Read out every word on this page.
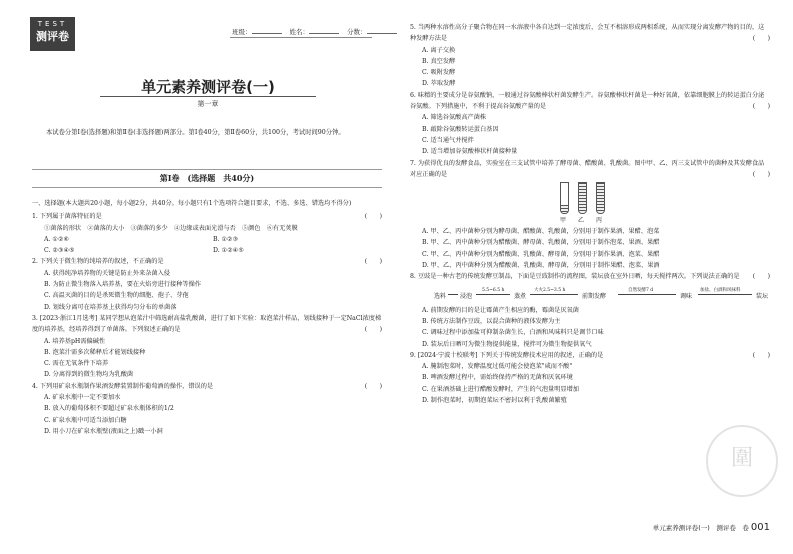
TEST
测评卷	班级：	姓名：	分数：
单元素养测评卷(一)
第一章
本试卷分第Ⅰ卷(选择题)和第Ⅱ卷(非选择题)两部分。第Ⅰ卷40分，第Ⅱ卷60分，共100分，考试时间90分钟。
第Ⅰ卷　(选择题　共40分)
一、选择题(本大题共20小题，每小题2分，共40分。每小题只有1个选项符合题目要求，不选、多选、错选均不得分)
1. 下列属于菌落特征的是	(　　)
①菌落的形状　②菌落的大小　③菌落的多少　④边缘或表面光滑与否　⑤颜色　⑥有无荚膜
A. ①②⑥	B. ①②③
C. ②③④⑤	D. ①②④⑤
2. 下列关于微生物的纯培养的叙述，不正确的是	(　　)
A. 获得纯净培养物的关键是防止外来杂菌入侵
B. 为防止微生物落入培养基，要在火焰旁进行接种等操作
C. 高温灭菌的目的是杀死微生物的细胞、孢子、芽孢
D. 划线分离可在培养基上获得均匀分布的单菌落
3. [2023·浙江1月选考] 某同学想从泡菜汁中筛选耐高盐乳酸菌，进行了如下实验：取泡菜汁样品，划线接种于一定NaCl浓度梯度的培养基，经培养得到了单菌落。下列叙述正确的是	(　　)
A. 培养基pH需偏碱性
B. 泡菜汁需多次稀释后才能划线接种
C. 需在无氧条件下培养
D. 分离得到的微生物均为乳酸菌
4. 下列用矿泉水瓶制作果酒发酵装置制作葡萄酒的操作，错误的是	(　　)
A. 矿泉水瓶中一定不要加水
B. 放入的葡萄体积不要超过矿泉水瓶体积的1/2
C. 矿泉水瓶中可适当添加白糖
D. 用小刀在矿泉水瓶壁(液面之上)戳一小洞
5. 当两种水溶性高分子聚合物在同一水溶液中各自达到一定浓度后，会互不相溶形成两相系统，从而实现分离发酵产物的目的，这种发酵方法是	(　　)
A. 离子交换
B. 真空发酵
C. 吸附发酵
D. 萃取发酵
6. 味精的主要成分是谷氨酸钠，一般通过谷氨酸棒状杆菌发酵生产。谷氨酸棒状杆菌是一种好氧菌，依靠细胞膜上的转运蛋白分泌谷氨酸。下列措施中，不利于提高谷氨酸产量的是	(　　)
A. 筛选谷氨酸高产菌株
B. 敲除谷氨酸转运蛋白基因
C. 适当通气并搅拌
D. 适当增加谷氨酸棒状杆菌接种量
7. 为获得优良的发酵食品，实验室在三支试管中培养了酵母菌、醋酸菌、乳酸菌。图中甲、乙、丙三支试管中的菌种及其发酵食品对应正确的是	(　　)
甲 乙 丙
A. 甲、乙、丙中菌种分别为酵母菌、醋酸菌、乳酸菌，分别用于制作果酒、果醋、泡菜
B. 甲、乙、丙中菌种分别为醋酸菌、酵母菌、乳酸菌，分别用于制作泡菜、果酒、果醋
C. 甲、乙、丙中菌种分别为醋酸菌、乳酸菌、酵母菌，分别用于制作果酒、泡菜、果醋
D. 甲、乙、丙中菌种分别为醋酸菌、乳酸菌、酵母菌，分别用于制作果醋、泡菜、果酒
8. 豆豉是一种古老的传统发酵豆制品，下面是豆豉制作的流程图，装坛放在室外日晒，每天搅拌两次。下列说法正确的是 (　　)
选料 浸泡
5.5~6.5 h
蒸煮
大火2.5~3.5 h
前期发酵
自然发酵7 d
调味
加盐、白酒和风味料
装坛
A. 前期发酵的目的是让霉菌产生相应的酶，霉菌是厌氧菌
B. 传统方法制作豆豉，以混合菌种的液体发酵为主
C. 调味过程中添加盐可抑制杂菌生长，白酒和风味料只是调节口味
D. 装坛后日晒可为微生物提供能量，搅拌可为微生物提供氧气
9. [2024·宁波十校联考] 下列关于传统发酵技术应用的叙述，正确的是	(　　)
A. 腌制泡菜时，发酵温度过低可能会使泡菜"咸而不酸"
B. 啤酒发酵过程中，需始终保持严格的无菌和厌氧环境
C. 在果酒基础上进行醋酸发酵时，产生的气泡量明显增加
D. 制作泡菜时，初期泡菜坛不密封以利于乳酸菌繁殖
圍
单元素养测评卷(一)　测评卷　卷 001
